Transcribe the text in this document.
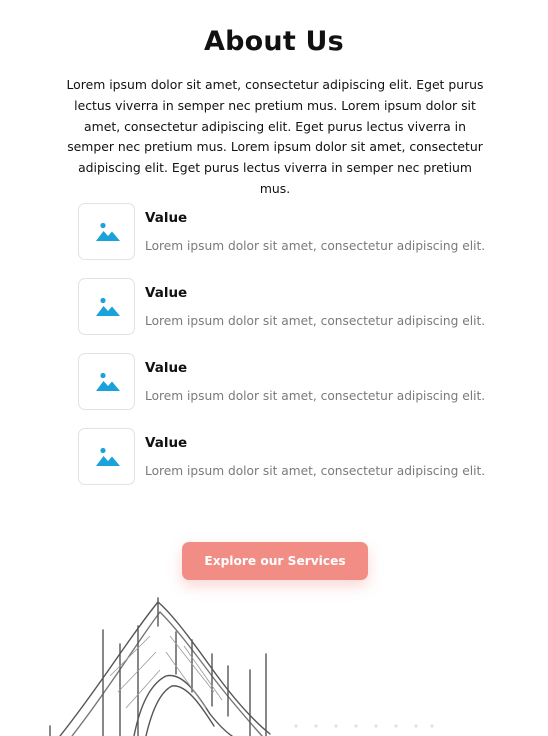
About Us

Lorem ipsum dolor sit amet, consectetur adipiscing elit. Eget purus lectus viverra in semper nec pretium mus. Lorem ipsum dolor sit amet, consectetur adipiscing elit. Eget purus lectus viverra in semper nec pretium mus. Lorem ipsum dolor sit amet, consectetur adipiscing elit. Eget purus lectus viverra in semper nec pretium mus.

Value
Lorem ipsum dolor sit amet, consectetur adipiscing elit.
Value
Lorem ipsum dolor sit amet, consectetur adipiscing elit.
Value
Lorem ipsum dolor sit amet, consectetur adipiscing elit.
Value
Lorem ipsum dolor sit amet, consectetur adipiscing elit.
Explore our Services
